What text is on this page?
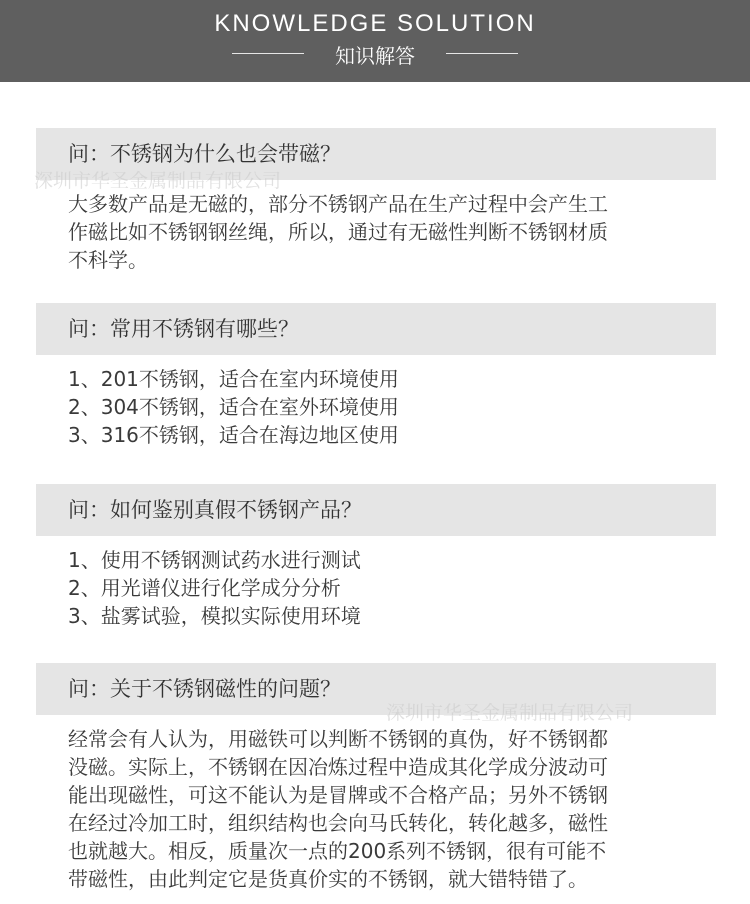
KNOWLEDGE SOLUTION
知识解答
问：不锈钢为什么也会带磁？
大多数产品是无磁的，部分不锈钢产品在生产过程中会产生工
作磁比如不锈钢钢丝绳，所以，通过有无磁性判断不锈钢材质
不科学。
问：常用不锈钢有哪些？
1、201不锈钢，适合在室内环境使用
2、304不锈钢，适合在室外环境使用
3、316不锈钢，适合在海边地区使用
问：如何鉴别真假不锈钢产品？
1、使用不锈钢测试药水进行测试
2、用光谱仪进行化学成分分析
3、盐雾试验，模拟实际使用环境
问：关于不锈钢磁性的问题？
经常会有人认为，用磁铁可以判断不锈钢的真伪，好不锈钢都
没磁。实际上，不锈钢在因冶炼过程中造成其化学成分波动可
能出现磁性，可这不能认为是冒牌或不合格产品；另外不锈钢
在经过冷加工时，组织结构也会向马氏转化，转化越多，磁性
也就越大。相反，质量次一点的200系列不锈钢，很有可能不
带磁性，由此判定它是货真价实的不锈钢，就大错特错了。
深圳市华圣金属制品有限公司
深圳市华圣金属制品有限公司
